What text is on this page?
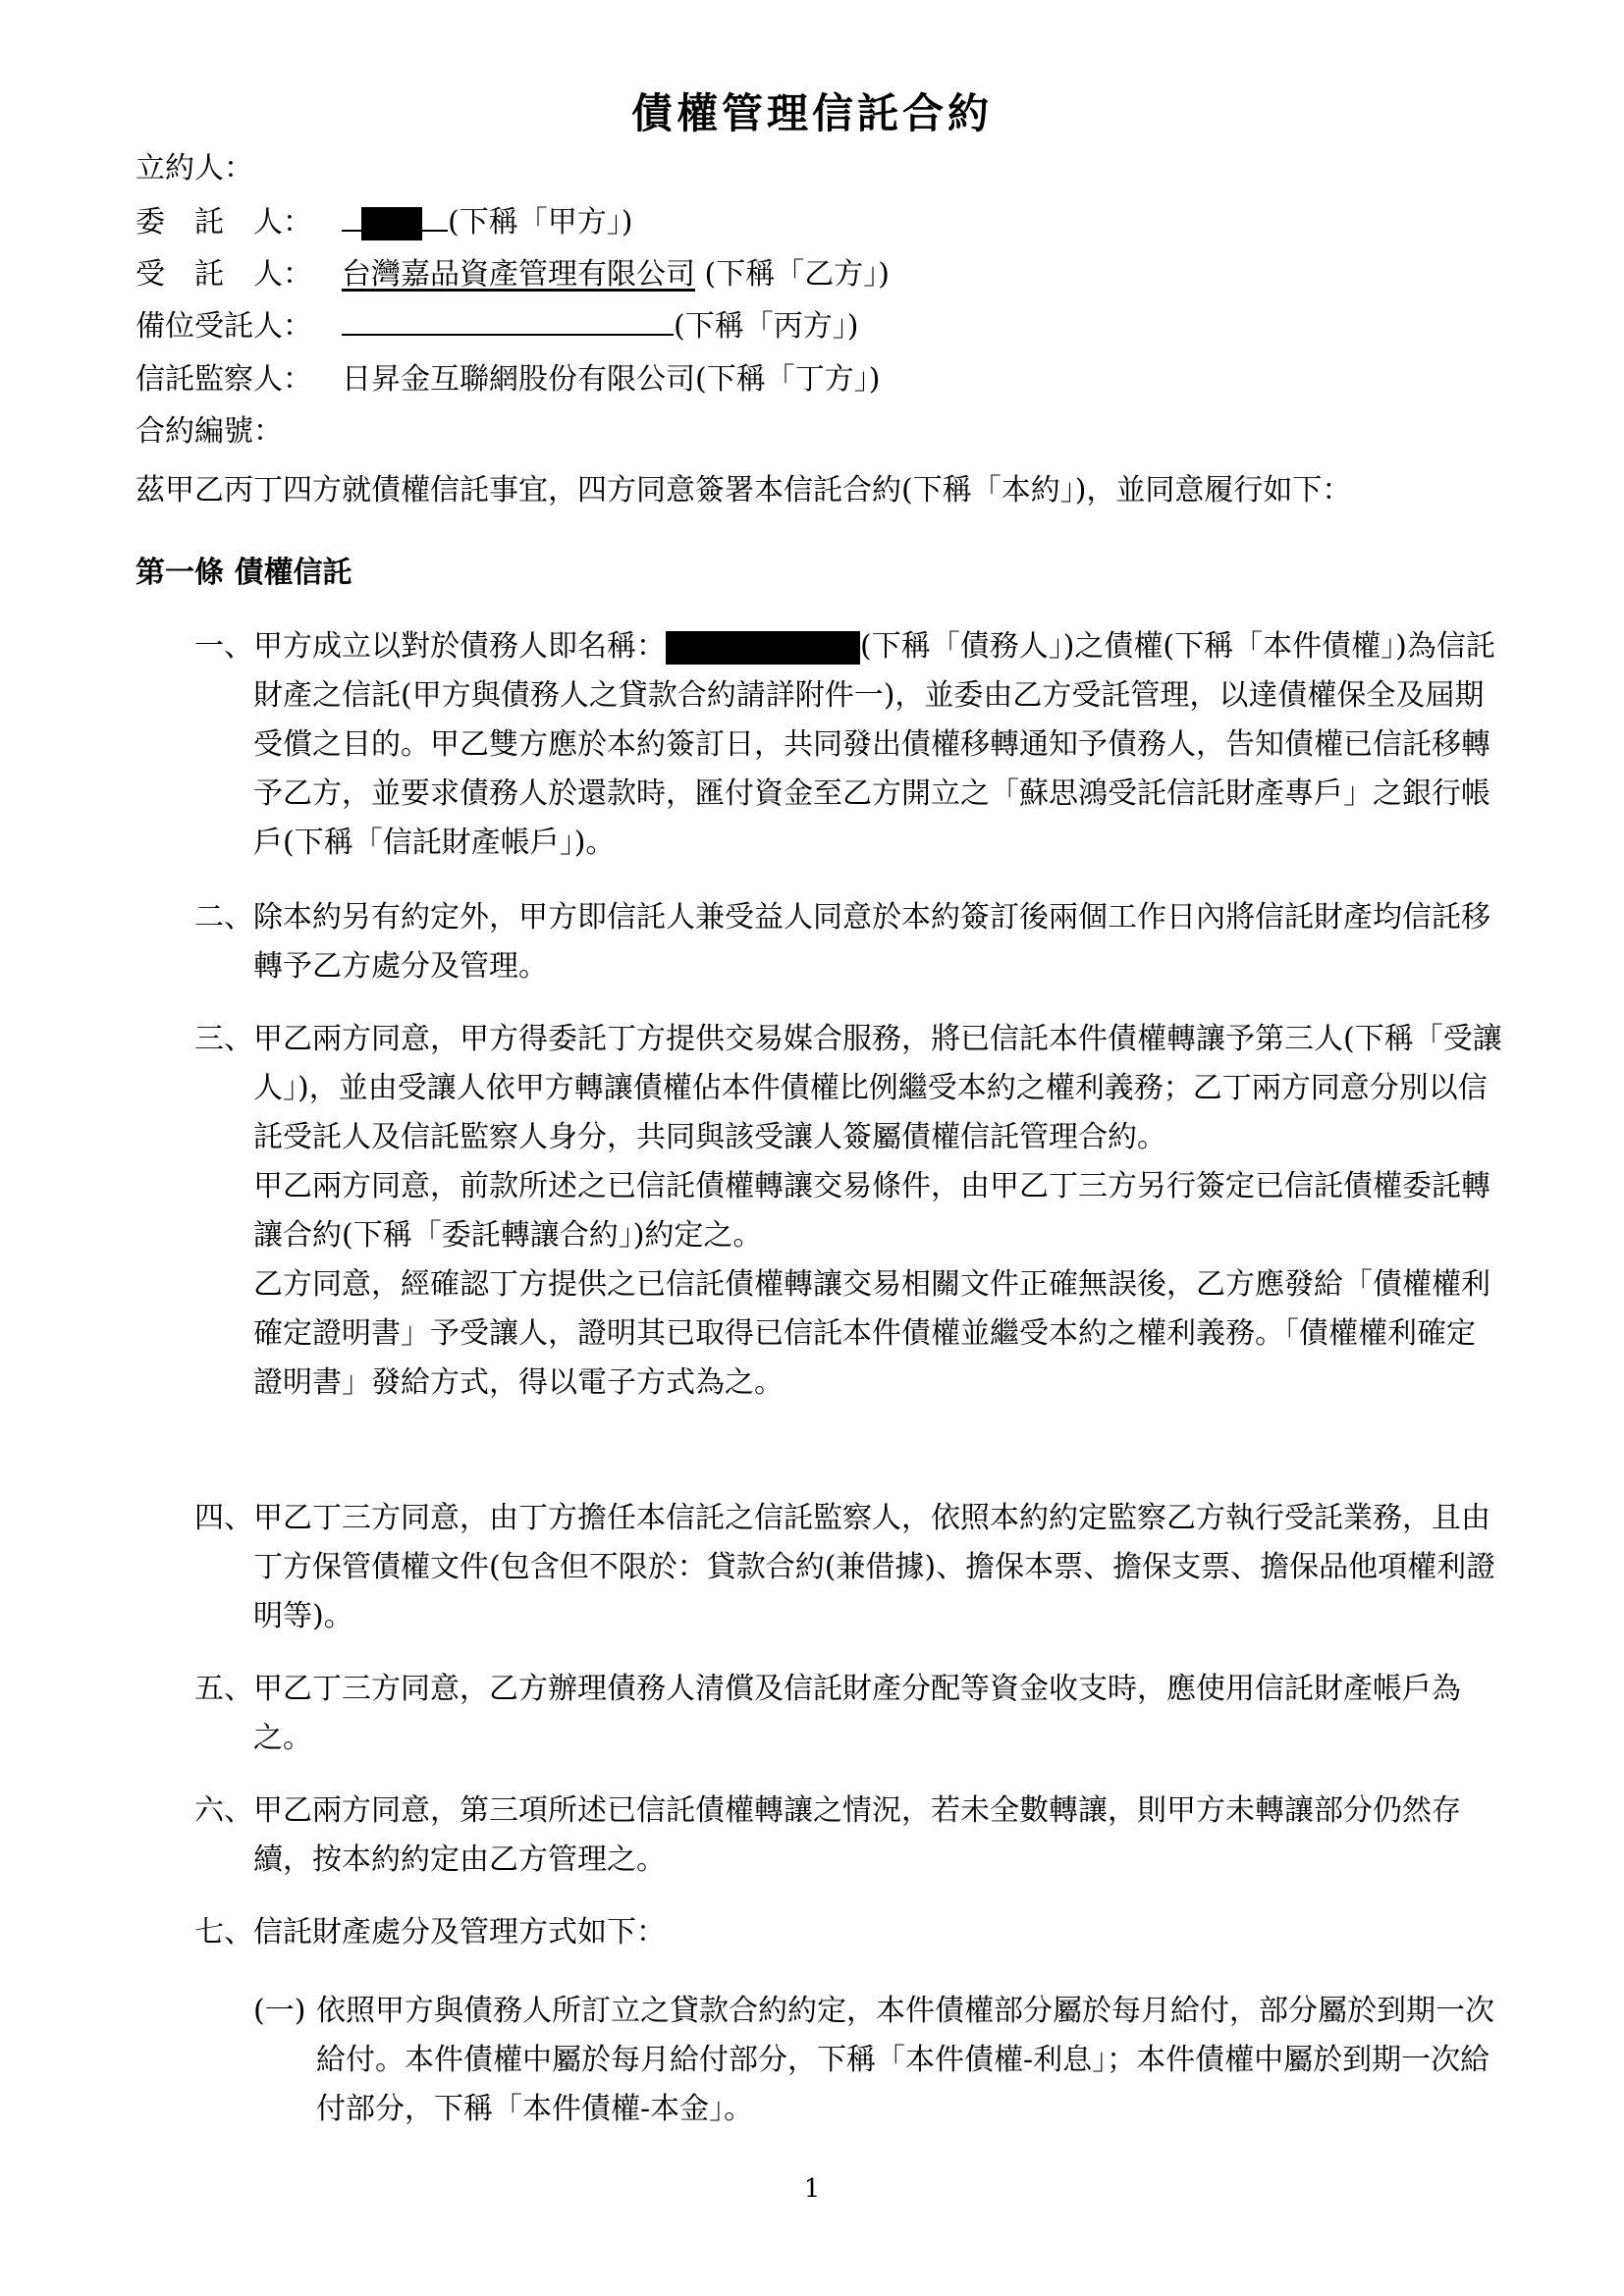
債權管理信託合約
立約人：
委　託　人：	(下稱「甲方」)
受　託　人： 台灣嘉品資產管理有限公司 (下稱「乙方」)
備位受託人：	(下稱「丙方」)
信託監察人： 日昇金互聯網股份有限公司(下稱「丁方」)
合約編號：
茲甲乙丙丁四方就債權信託事宜，四方同意簽署本信託合約(下稱「本約」)，並同意履行如下：
第一條 債權信託
一、 甲方成立以對於債務人即名稱：	(下稱「債務人」)之債權(下稱「本件債權」)為信託財產之信託(甲方與債務人之貸款合約請詳附件一)，並委由乙方受託管理，以達債權保全及屆期受償之目的。甲乙雙方應於本約簽訂日，共同發出債權移轉通知予債務人，告知債權已信託移轉予乙方，並要求債務人於還款時，匯付資金至乙方開立之「蘇思鴻受託信託財產專戶」之銀行帳戶(下稱「信託財產帳戶」)。
二、 除本約另有約定外，甲方即信託人兼受益人同意於本約簽訂後兩個工作日內將信託財產均信託移轉予乙方處分及管理。
三、 甲乙兩方同意，甲方得委託丁方提供交易媒合服務，將已信託本件債權轉讓予第三人(下稱「受讓人」)，並由受讓人依甲方轉讓債權佔本件債權比例繼受本約之權利義務；乙丁兩方同意分別以信託受託人及信託監察人身分，共同與該受讓人簽屬債權信託管理合約。

甲乙兩方同意，前款所述之已信託債權轉讓交易條件，由甲乙丁三方另行簽定已信託債權委託轉讓合約(下稱「委託轉讓合約」)約定之。

乙方同意，經確認丁方提供之已信託債權轉讓交易相關文件正確無誤後，乙方應發給「債權權利確定證明書」予受讓人，證明其已取得已信託本件債權並繼受本約之權利義務。「債權權利確定證明書」發給方式，得以電子方式為之。

四、 甲乙丁三方同意，由丁方擔任本信託之信託監察人，依照本約約定監察乙方執行受託業務，且由丁方保管債權文件(包含但不限於：貸款合約(兼借據)、擔保本票、擔保支票、擔保品他項權利證明等)。
五、 甲乙丁三方同意，乙方辦理債務人清償及信託財產分配等資金收支時，應使用信託財產帳戶為之。
六、 甲乙兩方同意，第三項所述已信託債權轉讓之情況，若未全數轉讓，則甲方未轉讓部分仍然存續，按本約約定由乙方管理之。
七、 信託財產處分及管理方式如下：
(一) 依照甲方與債務人所訂立之貸款合約約定，本件債權部分屬於每月給付，部分屬於到期一次給付。本件債權中屬於每月給付部分，下稱「本件債權-利息」；本件債權中屬於到期一次給付部分，下稱「本件債權-本金」。
1
